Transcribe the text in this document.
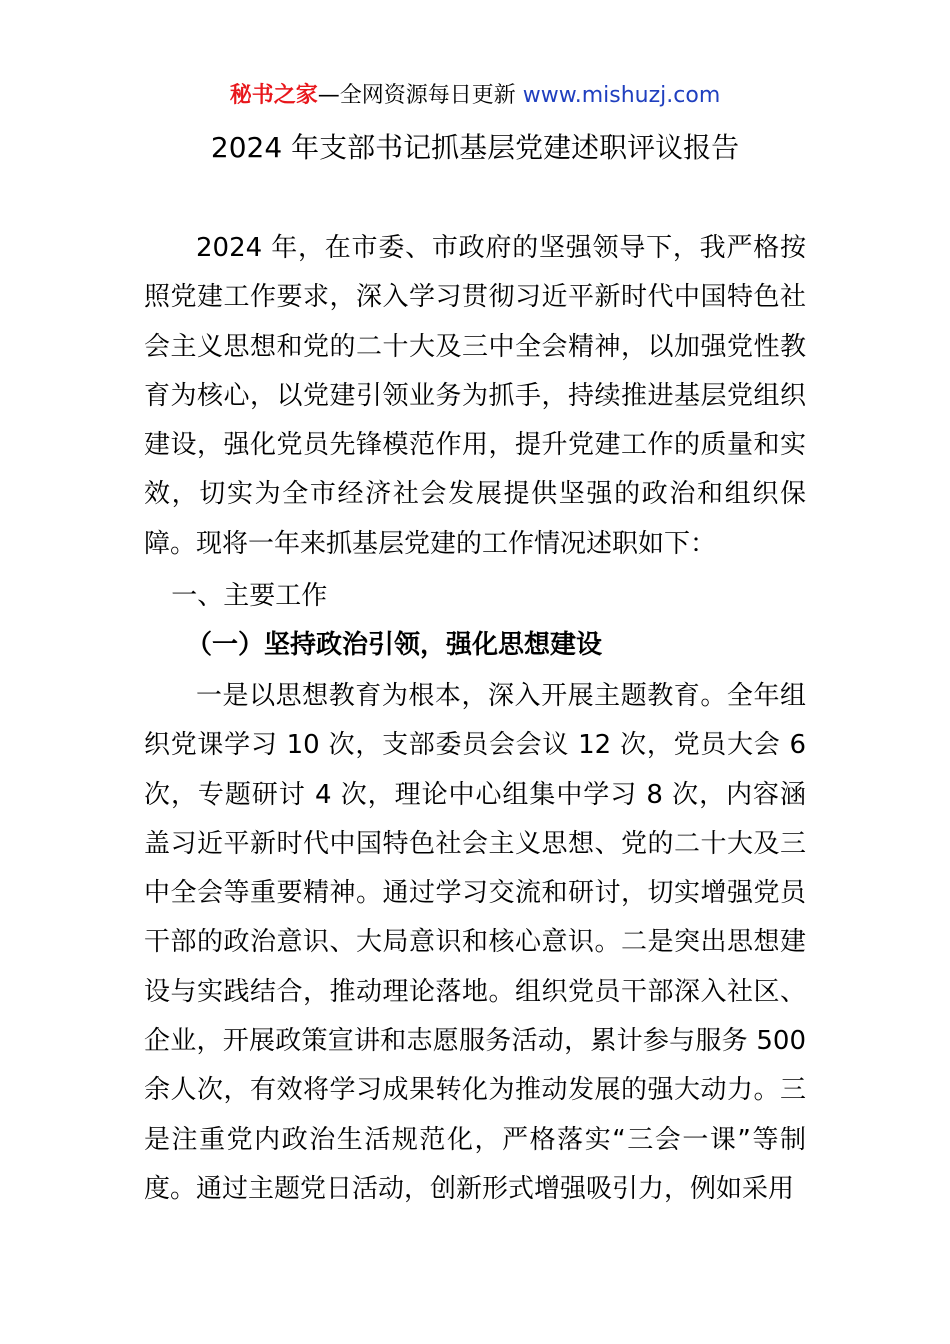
秘书之家—全网资源每日更新 www.mishuzj.com
2024 年支部书记抓基层党建述职评议报告

2024 年，在市委、市政府的坚强领导下，我严格按照党建工作要求，深入学习贯彻习近平新时代中国特色社会主义思想和党的二十大及三中全会精神，以加强党性教育为核心，以党建引领业务为抓手，持续推进基层党组织建设，强化党员先锋模范作用，提升党建工作的质量和实效，切实为全市经济社会发展提供坚强的政治和组织保障。现将一年来抓基层党建的工作情况述职如下：

一、主要工作
（一）坚持政治引领，强化思想建设

一是以思想教育为根本，深入开展主题教育。全年组织党课学习 10 次，支部委员会会议 12 次，党员大会 6 次，专题研讨 4 次，理论中心组集中学习 8 次，内容涵盖习近平新时代中国特色社会主义思想、党的二十大及三中全会等重要精神。通过学习交流和研讨，切实增强党员干部的政治意识、大局意识和核心意识。二是突出思想建设与实践结合，推动理论落地。组织党员干部深入社区、企业，开展政策宣讲和志愿服务活动，累计参与服务 500 余人次，有效将学习成果转化为推动发展的强大动力。三是注重党内政治生活规范化，严格落实“三会一课”等制度。通过主题党日活动，创新形式增强吸引力，例如采用
